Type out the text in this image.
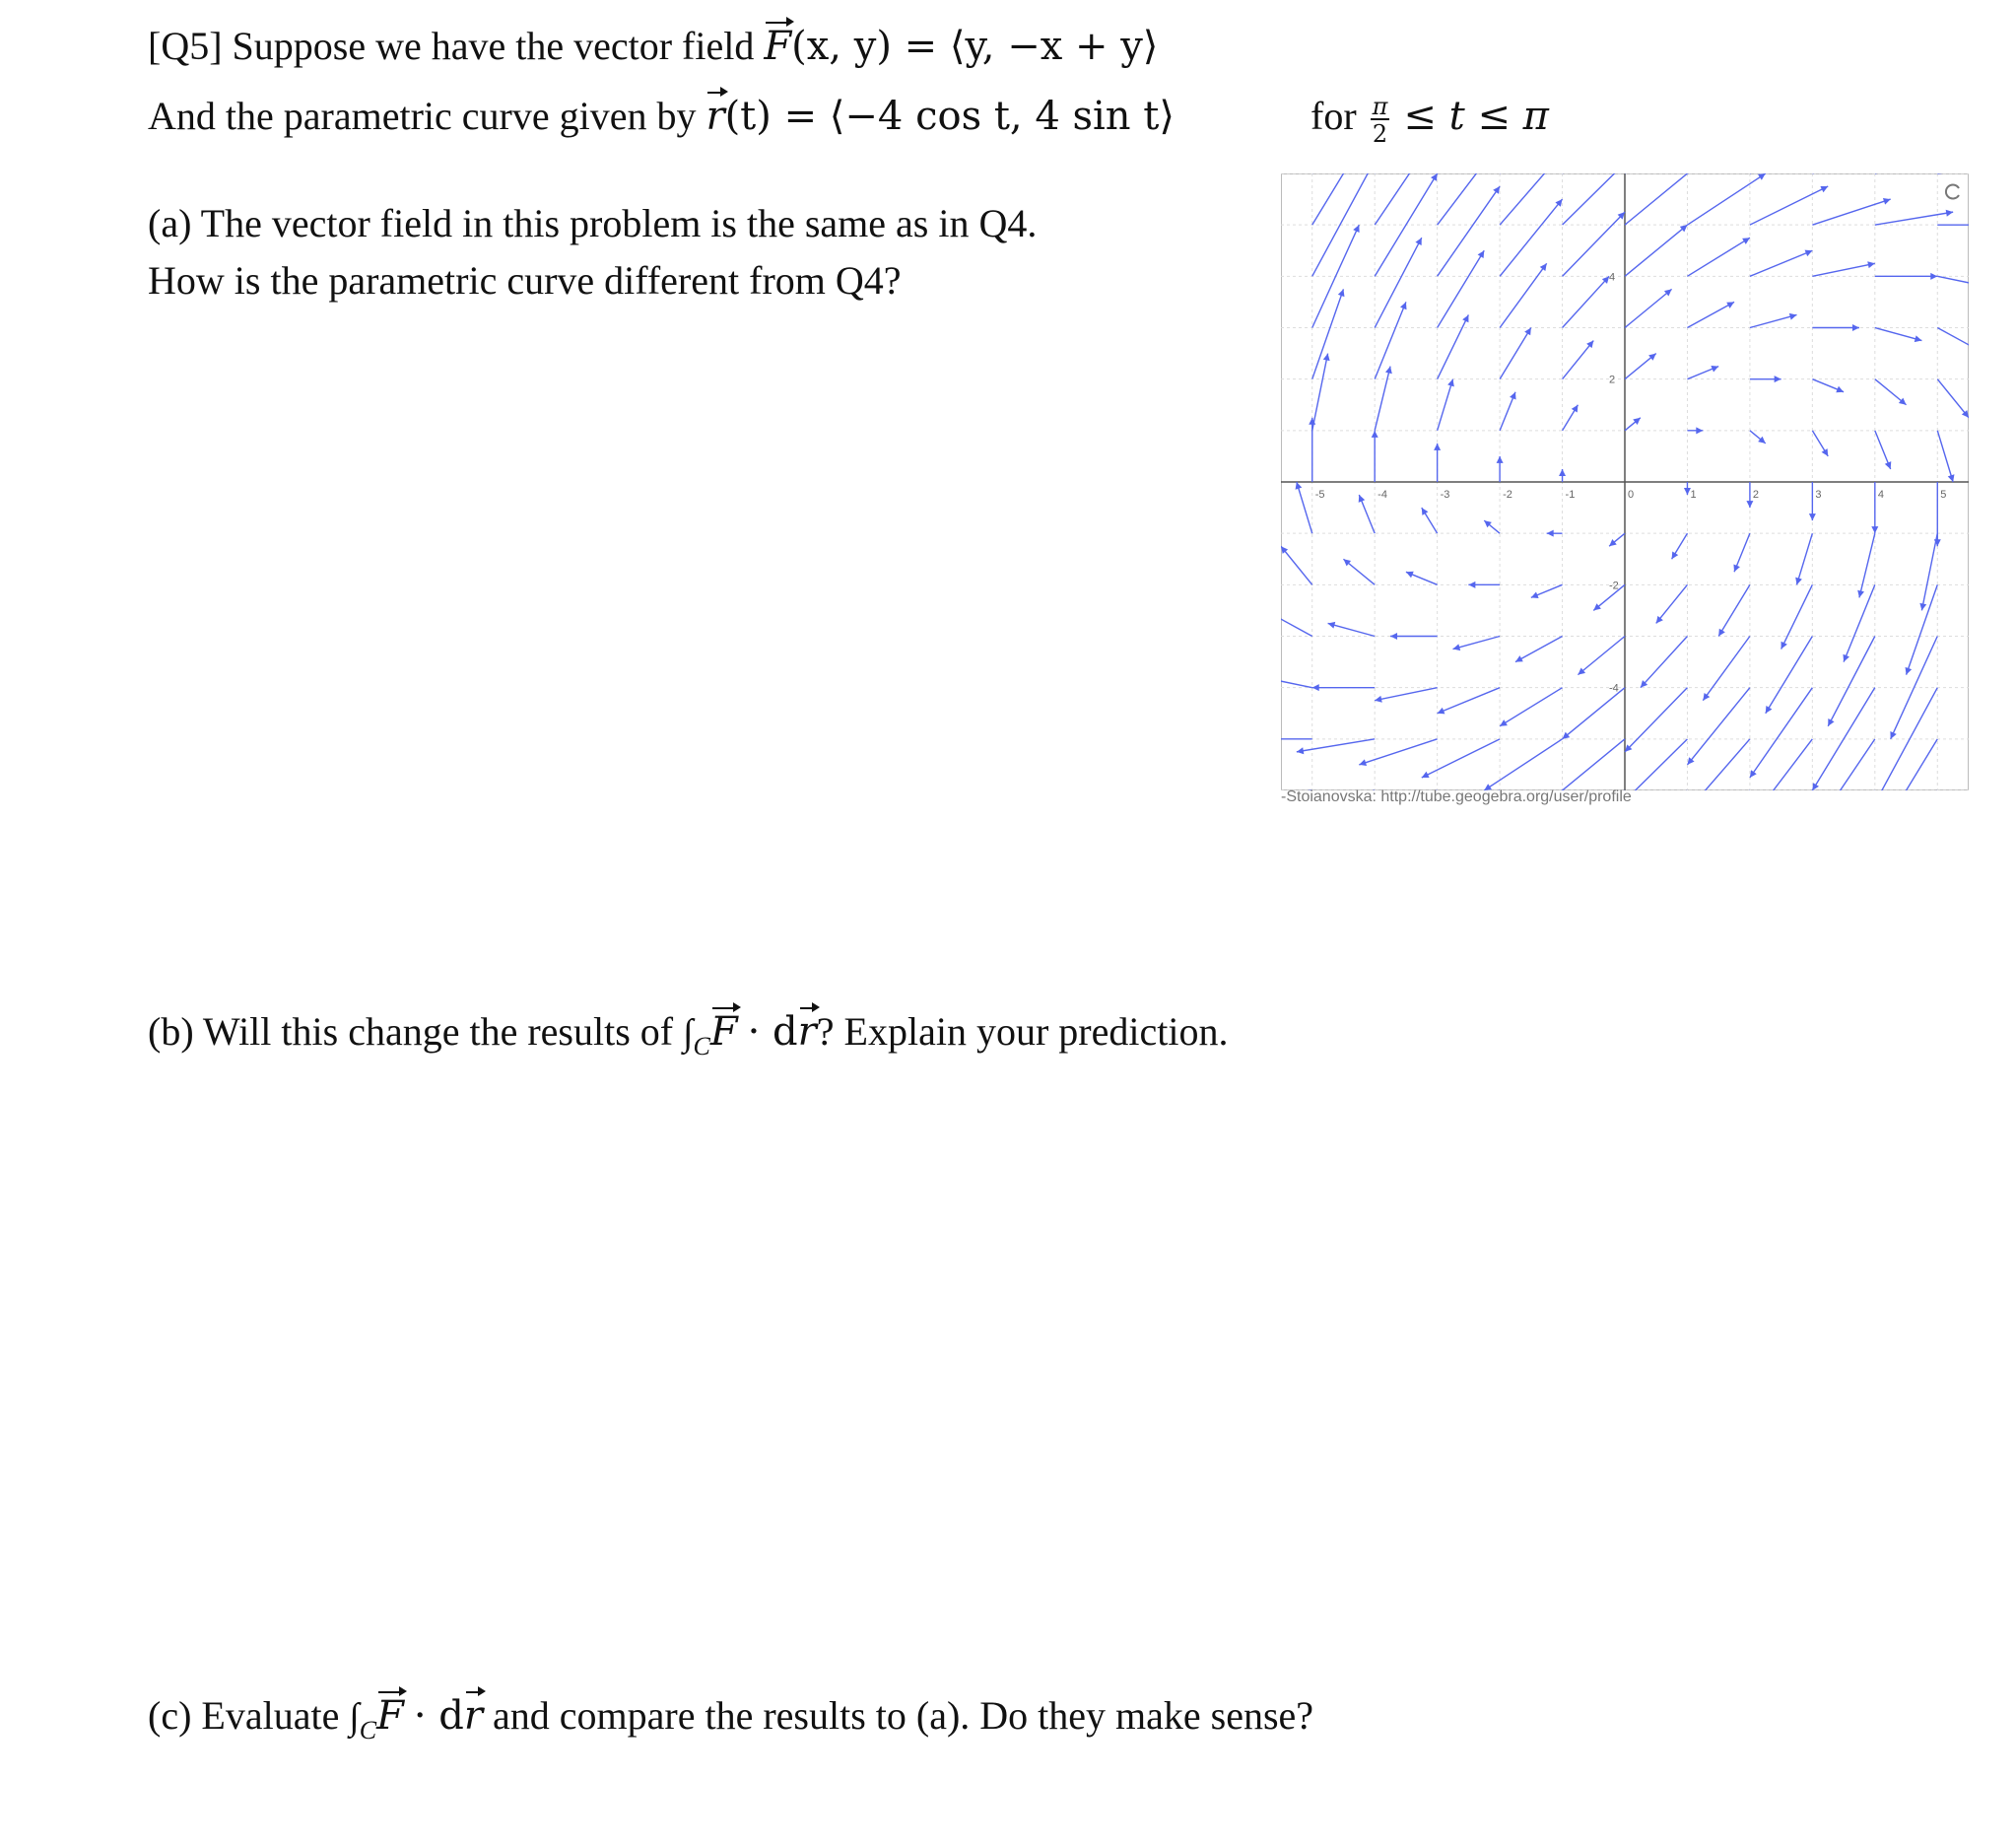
[Q5] Suppose we have the vector field F(x, y) = ⟨y, −x + y⟩
And the parametric curve given by r(t) = ⟨−4 cos t, 4 sin t⟩	for $\frac{\pi}{2} \le t \le \pi$
(a) The vector field in this problem is the same as in Q4.
How is the parametric curve different from Q4?
-5	-4	-3	-2	-1	0	1	2	3	4	5
-4
-2
2
4
-Stoianovska: http://tube.geogebra.org/user/profile
(b) Will this change the results of $\int_CF$ · dr? Explain your prediction.
(c) Evaluate $\int_CF$ · dr and compare the results to (a). Do they make sense?
